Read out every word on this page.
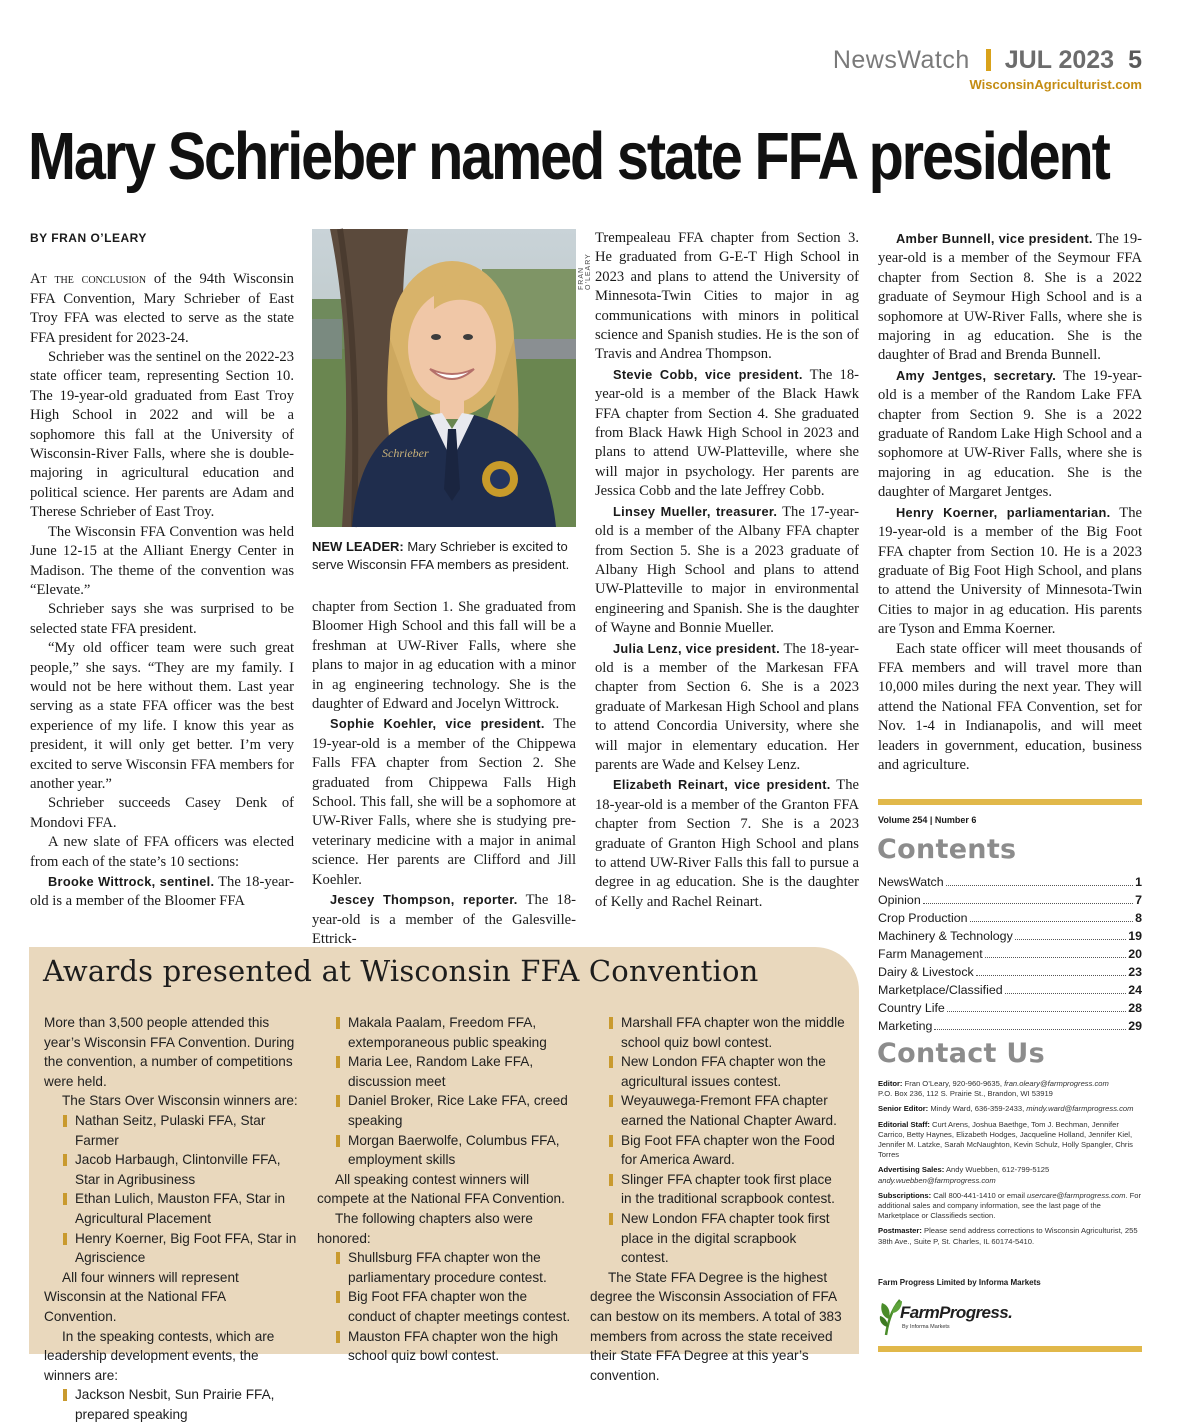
NewsWatch JUL 2023 5
WisconsinAgriculturist.com
Mary Schrieber named state FFA president

BY FRAN O’LEARY

At the conclusion of the 94th Wisconsin FFA Convention, Mary Schrieber of East Troy FFA was elected to serve as the state FFA president for 2023-24.

Schrieber was the sentinel on the 2022-23 state officer team, representing Section 10. The 19-year-old graduated from East Troy High School in 2022 and will be a sophomore this fall at the University of Wisconsin-River Falls, where she is double-majoring in agricultural education and political science. Her parents are Adam and Therese Schrieber of East Troy.

The Wisconsin FFA Convention was held June 12-15 at the Alliant Energy Center in Madison. The theme of the convention was “Elevate.”

Schrieber says she was surprised to be selected state FFA president.

“My old officer team were such great people,” she says. “They are my family. I would not be here without them. Last year serving as a state FFA officer was the best experience of my life. I know this year as president, it will only get better. I’m very excited to serve Wisconsin FFA members for another year.”

Schrieber succeeds Casey Denk of Mondovi FFA.

A new slate of FFA officers was elected from each of the state’s 10 sections:

Brooke Wittrock, sentinel. The 18-year-old is a member of the Bloomer FFA

Schrieber
FRAN O’LEARY
NEW LEADER: Mary Schrieber is excited to serve Wisconsin FFA members as president.

chapter from Section 1. She graduated from Bloomer High School and this fall will be a freshman at UW-River Falls, where she plans to major in ag education with a minor in ag engineering technology. She is the daughter of Edward and Jocelyn Wittrock.

Sophie Koehler, vice president. The 19-year-old is a member of the Chippewa Falls FFA chapter from Section 2. She graduated from Chippewa Falls High School. This fall, she will be a sophomore at UW-River Falls, where she is studying pre-veterinary medicine with a major in animal science. Her parents are Clifford and Jill Koehler.

Jescey Thompson, reporter. The 18-year-old is a member of the Galesville-Ettrick-

Trempealeau FFA chapter from Section 3. He graduated from G-E-T High School in 2023 and plans to attend the University of Minnesota-Twin Cities to major in ag communications with minors in political science and Spanish studies. He is the son of Travis and Andrea Thompson.

Stevie Cobb, vice president. The 18-year-old is a member of the Black Hawk FFA chapter from Section 4. She graduated from Black Hawk High School in 2023 and plans to attend UW-Platteville, where she will major in psychology. Her parents are Jessica Cobb and the late Jeffrey Cobb.

Linsey Mueller, treasurer. The 17-year-old is a member of the Albany FFA chapter from Section 5. She is a 2023 graduate of Albany High School and plans to attend UW-Platteville to major in environmental engineering and Spanish. She is the daughter of Wayne and Bonnie Mueller.

Julia Lenz, vice president. The 18-year-old is a member of the Markesan FFA chapter from Section 6. She is a 2023 graduate of Markesan High School and plans to attend Concordia University, where she will major in elementary education. Her parents are Wade and Kelsey Lenz.

Elizabeth Reinart, vice president. The 18-year-old is a member of the Granton FFA chapter from Section 7. She is a 2023 graduate of Granton High School and plans to attend UW-River Falls this fall to pursue a degree in ag education. She is the daughter of Kelly and Rachel Reinart.

Amber Bunnell, vice president. The 19-year-old is a member of the Seymour FFA chapter from Section 8. She is a 2022 graduate of Seymour High School and is a sophomore at UW-River Falls, where she is majoring in ag education. She is the daughter of Brad and Brenda Bunnell.

Amy Jentges, secretary. The 19-year-old is a member of the Random Lake FFA chapter from Section 9. She is a 2022 graduate of Random Lake High School and a sophomore at UW-River Falls, where she is majoring in ag education. She is the daughter of Margaret Jentges.

Henry Koerner, parliamentarian. The 19-year-old is a member of the Big Foot FFA chapter from Section 10. He is a 2023 graduate of Big Foot High School, and plans to attend the University of Minnesota-Twin Cities to major in ag education. His parents are Tyson and Emma Koerner.

Each state officer will meet thousands of FFA members and will travel more than 10,000 miles during the next year. They will attend the National FFA Convention, set for Nov. 1-4 in Indianapolis, and will meet leaders in government, education, business and agriculture.

Awards presented at Wisconsin FFA Convention
More than 3,500 people attended this year’s Wisconsin FFA Convention. During the convention, a number of competitions were held.
The Stars Over Wisconsin winners are:
Nathan Seitz, Pulaski FFA, Star Farmer
Jacob Harbaugh, Clintonville FFA, Star in Agribusiness
Ethan Lulich, Mauston FFA, Star in Agricultural Placement
Henry Koerner, Big Foot FFA, Star in Agriscience
All four winners will represent Wisconsin at the National FFA Convention.
In the speaking contests, which are leadership development events, the winners are:
Jackson Nesbit, Sun Prairie FFA, prepared speaking
Makala Paalam, Freedom FFA, extemporaneous public speaking
Maria Lee, Random Lake FFA, discussion meet
Daniel Broker, Rice Lake FFA, creed speaking
Morgan Baerwolfe, Columbus FFA, employment skills
All speaking contest winners will compete at the National FFA Convention.
The following chapters also were honored:
Shullsburg FFA chapter won the parliamentary procedure contest.
Big Foot FFA chapter won the conduct of chapter meetings contest.
Mauston FFA chapter won the high school quiz bowl contest.
Marshall FFA chapter won the middle school quiz bowl contest.
New London FFA chapter won the agricultural issues contest.
Weyauwega-Fremont FFA chapter earned the National Chapter Award.
Big Foot FFA chapter won the Food for America Award.
Slinger FFA chapter took first place in the traditional scrapbook contest.
New London FFA chapter took first place in the digital scrapbook contest.
The State FFA Degree is the highest degree the Wisconsin Association of FFA can bestow on its members. A total of 383 members from across the state received their State FFA Degree at this year’s convention.
Volume 254 | Number 6
Contents
NewsWatch	1
Opinion	7
Crop Production	8
Machinery & Technology	19
Farm Management	20
Dairy & Livestock	23
Marketplace/Classified	24
Country Life	28
Marketing	29
Contact Us
Editor: Fran O’Leary, 920-960-9635, fran.oleary@farmprogress.com
P.O. Box 236, 112 S. Prairie St., Brandon, WI 53919
Senior Editor: Mindy Ward, 636-359-2433, mindy.ward@farmprogress.com
Editorial Staff: Curt Arens, Joshua Baethge, Tom J. Bechman, Jennifer Carrico, Betty Haynes, Elizabeth Hodges, Jacqueline Holland, Jennifer Kiel, Jennifer M. Latzke, Sarah McNaughton, Kevin Schulz, Holly Spangler, Chris Torres
Advertising Sales: Andy Wuebben, 612-799-5125
andy.wuebben@farmprogress.com
Subscriptions: Call 800-441-1410 or email usercare@farmprogress.com. For additional sales and company information, see the last page of the Marketplace or Classifieds section.
Postmaster: Please send address corrections to Wisconsin Agriculturist, 255 38th Ave., Suite P, St. Charles, IL 60174-5410.
Farm Progress Limited by Informa Markets
FarmProgress.
By Informa Markets
